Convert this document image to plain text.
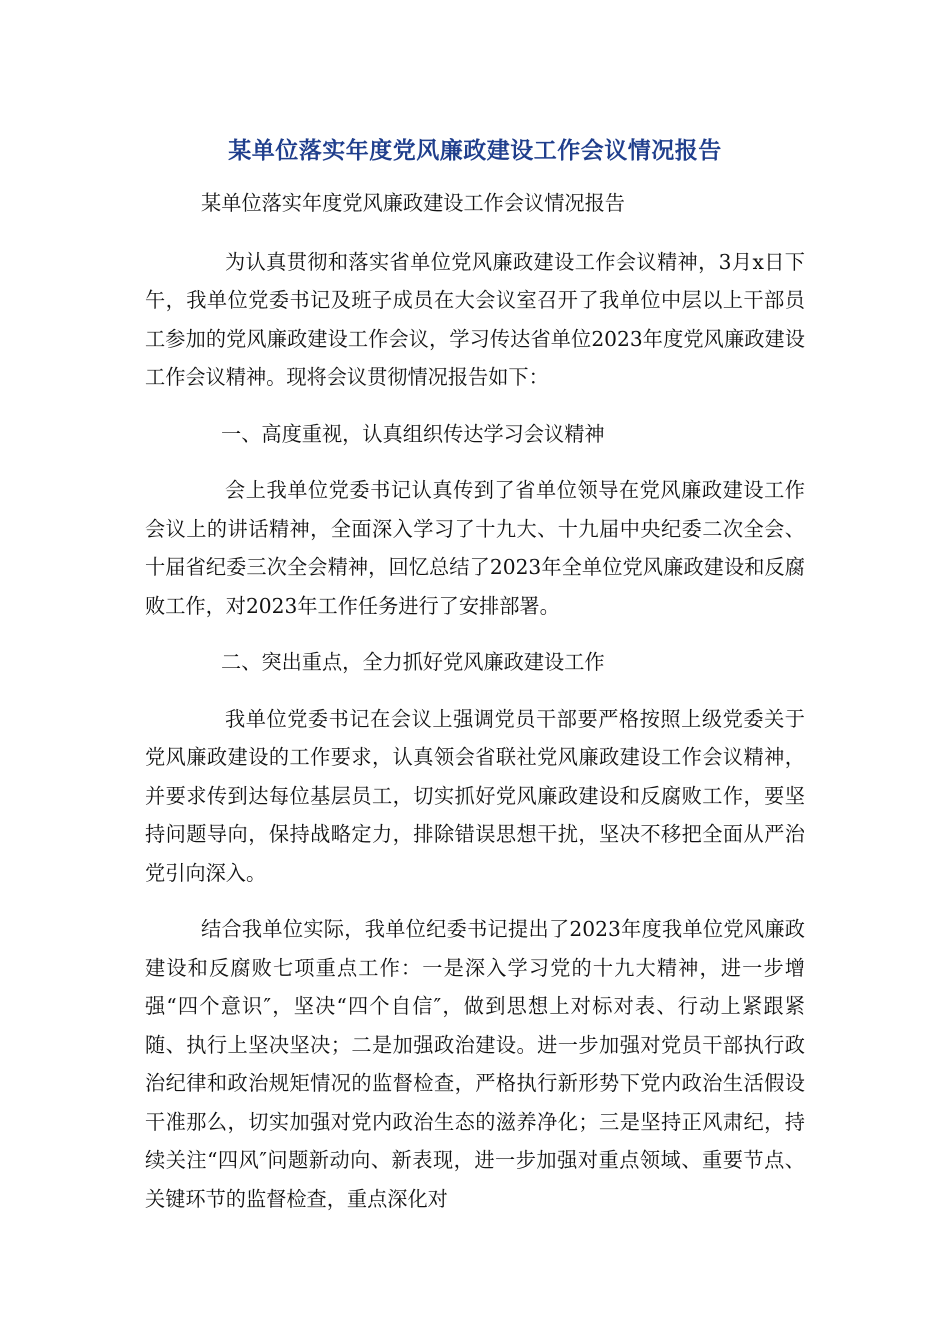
某单位落实年度党风廉政建设工作会议情况报告

某单位落实年度党风廉政建设工作会议情况报告

为认真贯彻和落实省单位党风廉政建设工作会议精神，3月x日下午，我单位党委书记及班子成员在大会议室召开了我单位中层以上干部员工参加的党风廉政建设工作会议，学习传达省单位2023年度党风廉政建设工作会议精神。现将会议贯彻情况报告如下：

一、高度重视，认真组织传达学习会议精神

会上我单位党委书记认真传到了省单位领导在党风廉政建设工作会议上的讲话精神，全面深入学习了十九大、十九届中央纪委二次全会、十届省纪委三次全会精神，回忆总结了2023年全单位党风廉政建设和反腐败工作，对2023年工作任务进行了安排部署。

二、突出重点，全力抓好党风廉政建设工作

我单位党委书记在会议上强调党员干部要严格按照上级党委关于党风廉政建设的工作要求，认真领会省联社党风廉政建设工作会议精神，并要求传到达每位基层员工，切实抓好党风廉政建设和反腐败工作，要坚持问题导向，保持战略定力，排除错误思想干扰，坚决不移把全面从严治党引向深入。

结合我单位实际，我单位纪委书记提出了2023年度我单位党风廉政建设和反腐败七项重点工作：一是深入学习党的十九大精神，进一步增强“四个意识″，坚决“四个自信″，做到思想上对标对表、行动上紧跟紧随、执行上坚决坚决；二是加强政治建设。进一步加强对党员干部执行政治纪律和政治规矩情况的监督检查，严格执行新形势下党内政治生活假设干准那么，切实加强对党内政治生态的滋养净化；三是坚持正风肃纪，持续关注“四风″问题新动向、新表现，进一步加强对重点领域、重要节点、关键环节的监督检查，重点深化对
